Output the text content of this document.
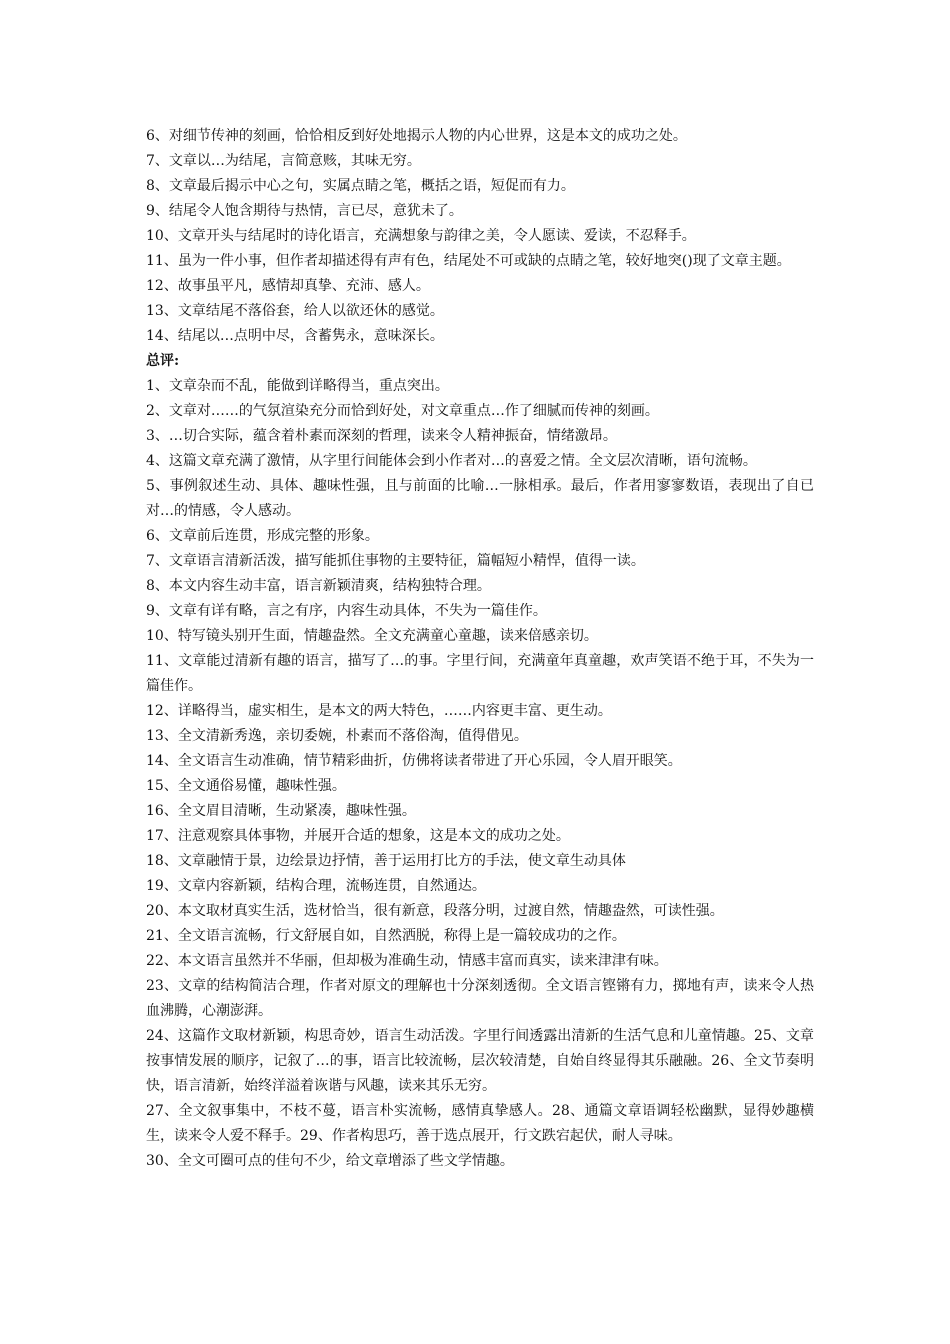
6、对细节传神的刻画，恰恰相反到好处地揭示人物的内心世界，这是本文的成功之处。

7、文章以…为结尾，言简意赅，其味无穷。

8、文章最后揭示中心之句，实属点睛之笔，概括之语，短促而有力。

9、结尾令人饱含期待与热情，言已尽，意犹未了。

10、文章开头与结尾时的诗化语言，充满想象与韵律之美，令人愿读、爱读，不忍释手。

11、虽为一件小事，但作者却描述得有声有色，结尾处不可或缺的点睛之笔，较好地突()现了文章主题。

12、故事虽平凡，感情却真挚、充沛、感人。

13、文章结尾不落俗套，给人以欲还休的感觉。

14、结尾以…点明中尽，含蓄隽永，意味深长。

总评:

1、文章杂而不乱，能做到详略得当，重点突出。

2、文章对……的气氛渲染充分而恰到好处，对文章重点…作了细腻而传神的刻画。

3、…切合实际，蕴含着朴素而深刻的哲理，读来令人精神振奋，情绪激昂。

4、这篇文章充满了激情，从字里行间能体会到小作者对…的喜爱之情。全文层次清晰，语句流畅。

5、事例叙述生动、具体、趣味性强，且与前面的比喻…一脉相承。最后，作者用寥寥数语，表现出了自已对…的情感，令人感动。

6、文章前后连贯，形成完整的形象。

7、文章语言清新活泼，描写能抓住事物的主要特征，篇幅短小精悍，值得一读。

8、本文内容生动丰富，语言新颖清爽，结构独特合理。

9、文章有详有略，言之有序，内容生动具体，不失为一篇佳作。

10、特写镜头别开生面，情趣盎然。全文充满童心童趣，读来倍感亲切。

11、文章能过清新有趣的语言，描写了…的事。字里行间，充满童年真童趣，欢声笑语不绝于耳，不失为一篇佳作。

12、详略得当，虚实相生，是本文的两大特色，……内容更丰富、更生动。

13、全文清新秀逸，亲切委婉，朴素而不落俗淘，值得借见。

14、全文语言生动准确，情节精彩曲折，仿佛将读者带进了开心乐园，令人眉开眼笑。

15、全文通俗易懂，趣味性强。

16、全文眉目清晰，生动紧凑，趣味性强。

17、注意观察具体事物，并展开合适的想象，这是本文的成功之处。

18、文章融情于景，边绘景边抒情，善于运用打比方的手法，使文章生动具体

19、文章内容新颖，结构合理，流畅连贯，自然通达。

20、本文取材真实生活，选材恰当，很有新意，段落分明，过渡自然，情趣盎然，可读性强。

21、全文语言流畅，行文舒展自如，自然洒脱，称得上是一篇较成功的之作。

22、本文语言虽然并不华丽，但却极为准确生动，情感丰富而真实，读来津津有味。

23、文章的结构简洁合理，作者对原文的理解也十分深刻透彻。全文语言铿锵有力，掷地有声，读来令人热血沸腾，心潮澎湃。

24、这篇作文取材新颖，构思奇妙，语言生动活泼。字里行间透露出清新的生活气息和儿童情趣。25、文章按事情发展的顺序，记叙了…的事，语言比较流畅，层次较清楚，自始自终显得其乐融融。26、全文节奏明快，语言清新，始终洋溢着诙谐与风趣，读来其乐无穷。

27、全文叙事集中，不枝不蔓，语言朴实流畅，感情真挚感人。28、通篇文章语调轻松幽默，显得妙趣横生，读来令人爱不释手。29、作者构思巧，善于选点展开，行文跌宕起伏，耐人寻味。

30、全文可圈可点的佳句不少，给文章增添了些文学情趣。
